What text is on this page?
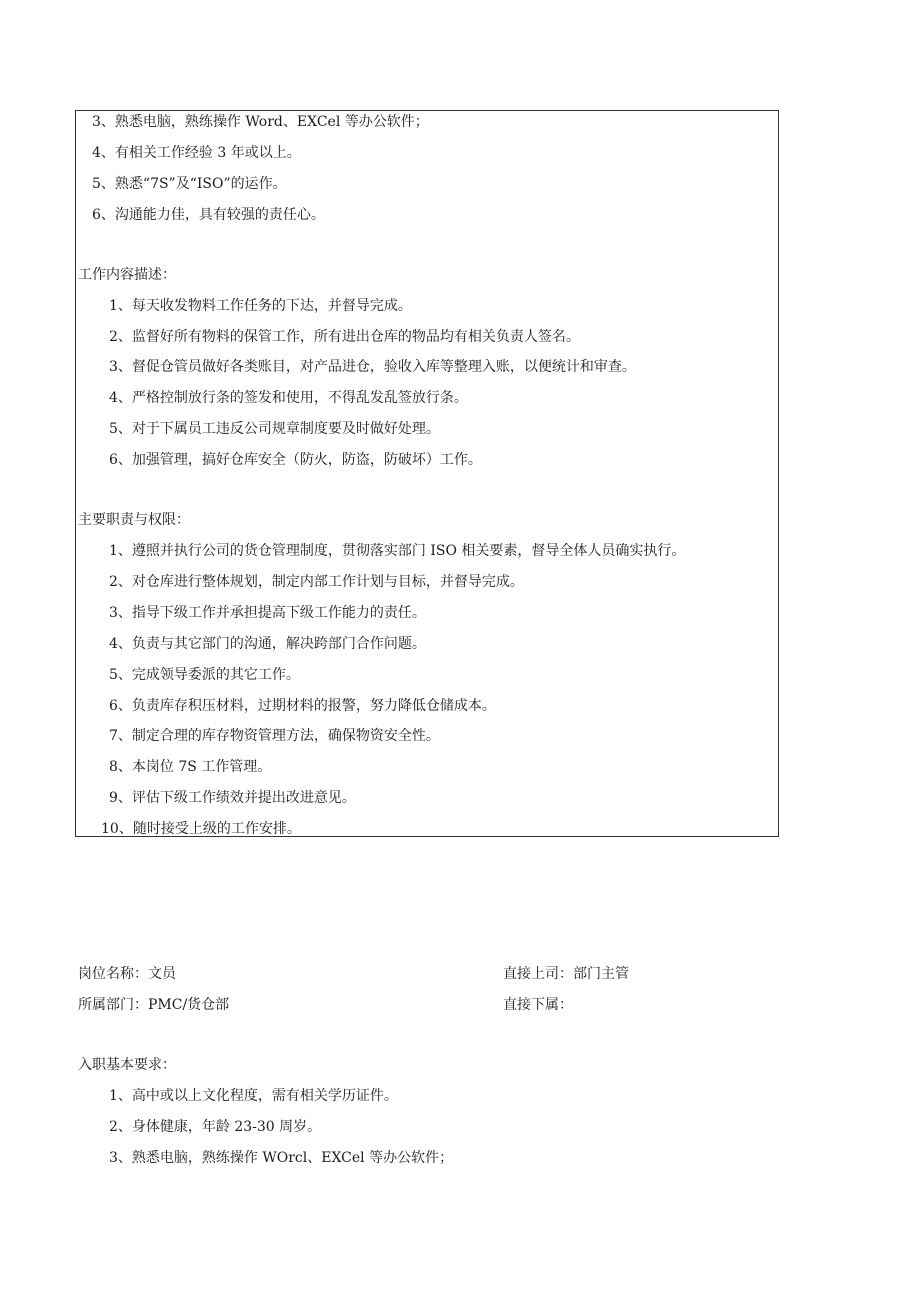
3、熟悉电脑，熟练操作 Word、EXCel 等办公软件；
4、有相关工作经验 3 年或以上。
5、熟悉“7S”及“ISO”的运作。
6、沟通能力佳，具有较强的责任心。
工作内容描述：
1、每天收发物料工作任务的下达，并督导完成。
2、监督好所有物料的保管工作，所有进出仓库的物品均有相关负责人签名。
3、督促仓管员做好各类账目，对产品进仓，验收入库等整理入账，以便统计和审查。
4、严格控制放行条的签发和使用，不得乱发乱签放行条。
5、对于下属员工违反公司规章制度要及时做好处理。
6、加强管理，搞好仓库安全（防火，防盗，防破坏）工作。
主要职责与权限：
1、遵照并执行公司的货仓管理制度，贯彻落实部门 ISO 相关要素，督导全体人员确实执行。
2、对仓库进行整体规划，制定内部工作计划与目标，并督导完成。
3、指导下级工作并承担提高下级工作能力的责任。
4、负责与其它部门的沟通，解决跨部门合作问题。
5、完成领导委派的其它工作。
6、负责库存积压材料，过期材料的报警，努力降低仓储成本。
7、制定合理的库存物资管理方法，确保物资安全性。
8、本岗位 7S 工作管理。
9、评估下级工作绩效并提出改进意见。
10、随时接受上级的工作安排。
岗位名称：文员	直接上司：部门主管
所属部门：PMC/货仓部	直接下属：
入职基本要求：
1、高中或以上文化程度，需有相关学历证件。
2、身体健康，年龄 23-30 周岁。
3、熟悉电脑，熟练操作 WOrcl、EXCel 等办公软件；
